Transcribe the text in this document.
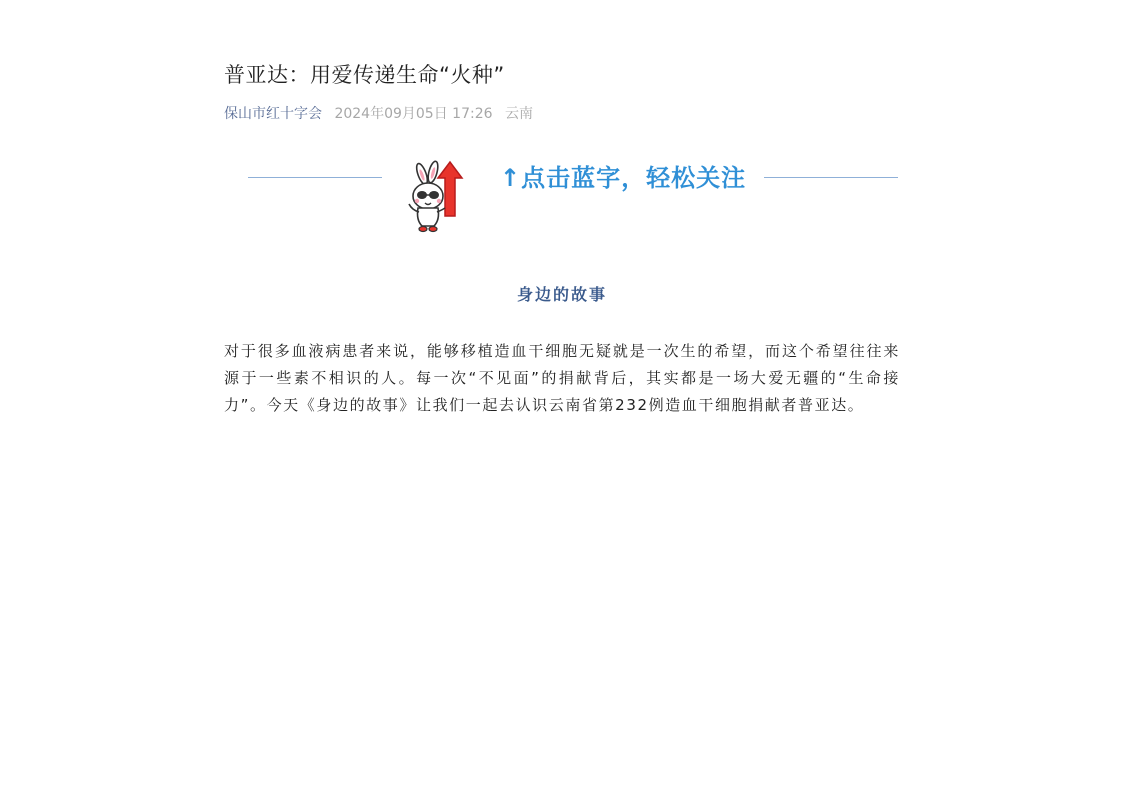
普亚达：用爱传递生命“火种”
保山市红十字会 2024年09月05日 17:26 云南
↑点击蓝字，轻松关注
身边的故事

对于很多血液病患者来说，能够移植造血干细胞无疑就是一次生的希望，而这个希望往往来源于一些素不相识的人。每一次“不见面”的捐献背后，其实都是一场大爱无疆的“生命接力”。今天《身边的故事》让我们一起去认识云南省第232例造血干细胞捐献者普亚达。
